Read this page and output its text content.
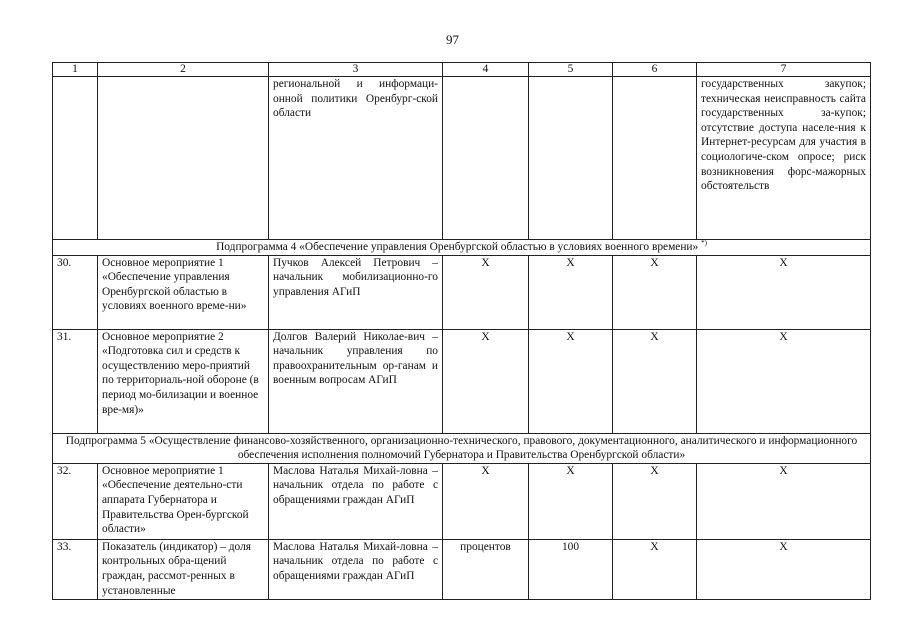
97
1	2	3	4	5	6	7
		региональной и информаци-онной политики Оренбург-ской области				государственных закупок; техническая неисправность сайта государственных за-купок; отсутствие доступа населе-ния к Интернет-ресурсам для участия в социологиче-ском опросе; риск возникновения форс-мажорных обстоятельств
Подпрограмма 4 «Обеспечение управления Оренбургской областью в условиях военного времени» *)
30.	Основное мероприятие 1 «Обеспечение управления Оренбургской областью в условиях военного време-ни»	Пучков Алексей Петрович – начальник мобилизационно-го управления АГиП	Х	Х	Х	Х
31.	Основное мероприятие 2 «Подготовка сил и средств к осуществлению меро-приятий по территориаль-ной обороне (в период мо-билизации и военное вре-мя)»	Долгов Валерий Николае-вич – начальник управления по правоохранительным ор-ганам и военным вопросам АГиП	Х	Х	Х	Х
Подпрограмма 5 «Осуществление финансово-хозяйственного, организационно-технического, правового, документационного, аналитического и информационного обеспечения исполнения полномочий Губернатора и Правительства Оренбургской области»						
32.	Основное мероприятие 1 «Обеспечение деятельно-сти аппарата Губернатора и Правительства Орен-бургской области»	Маслова Наталья Михай-ловна – начальник отдела по работе с обращениями граждан АГиП	Х	Х	Х	Х
33.	Показатель (индикатор) – доля контрольных обра-щений граждан, рассмот-ренных в установленные	Маслова Наталья Михай-ловна – начальник отдела по работе с обращениями граждан АГиП	процентов	100	Х	Х
